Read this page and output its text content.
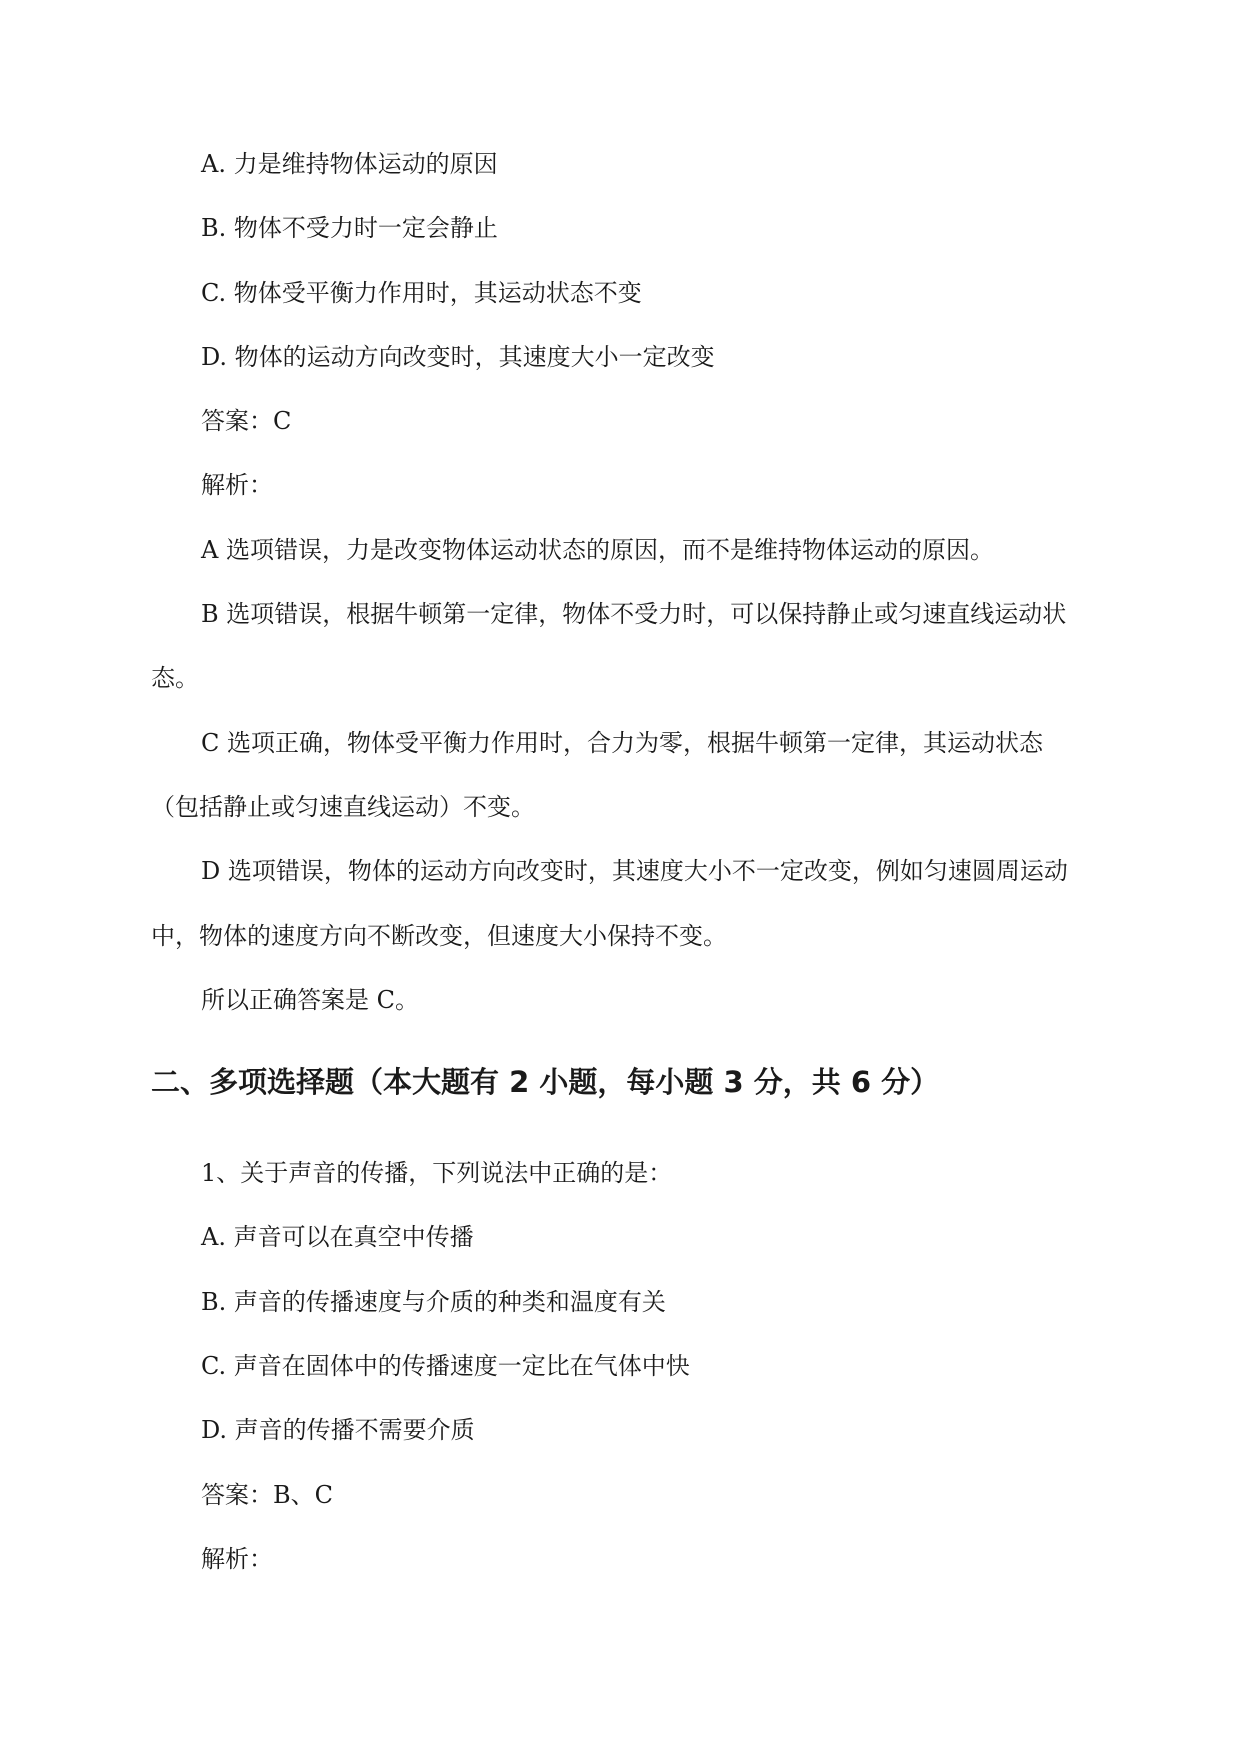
A. 力是维持物体运动的原因
B. 物体不受力时一定会静止
C. 物体受平衡力作用时，其运动状态不变
D. 物体的运动方向改变时，其速度大小一定改变
答案：C
解析：
A 选项错误，力是改变物体运动状态的原因，而不是维持物体运动的原因。
B 选项错误，根据牛顿第一定律，物体不受力时，可以保持静止或匀速直线运动状
态。
C 选项正确，物体受平衡力作用时，合力为零，根据牛顿第一定律，其运动状态
（包括静止或匀速直线运动）不变。
D 选项错误，物体的运动方向改变时，其速度大小不一定改变，例如匀速圆周运动
中，物体的速度方向不断改变，但速度大小保持不变。
所以正确答案是 C。
二、多项选择题（本大题有 2 小题，每小题 3 分，共 6 分）
1、关于声音的传播，下列说法中正确的是：
A. 声音可以在真空中传播
B. 声音的传播速度与介质的种类和温度有关
C. 声音在固体中的传播速度一定比在气体中快
D. 声音的传播不需要介质
答案：B、C
解析：
